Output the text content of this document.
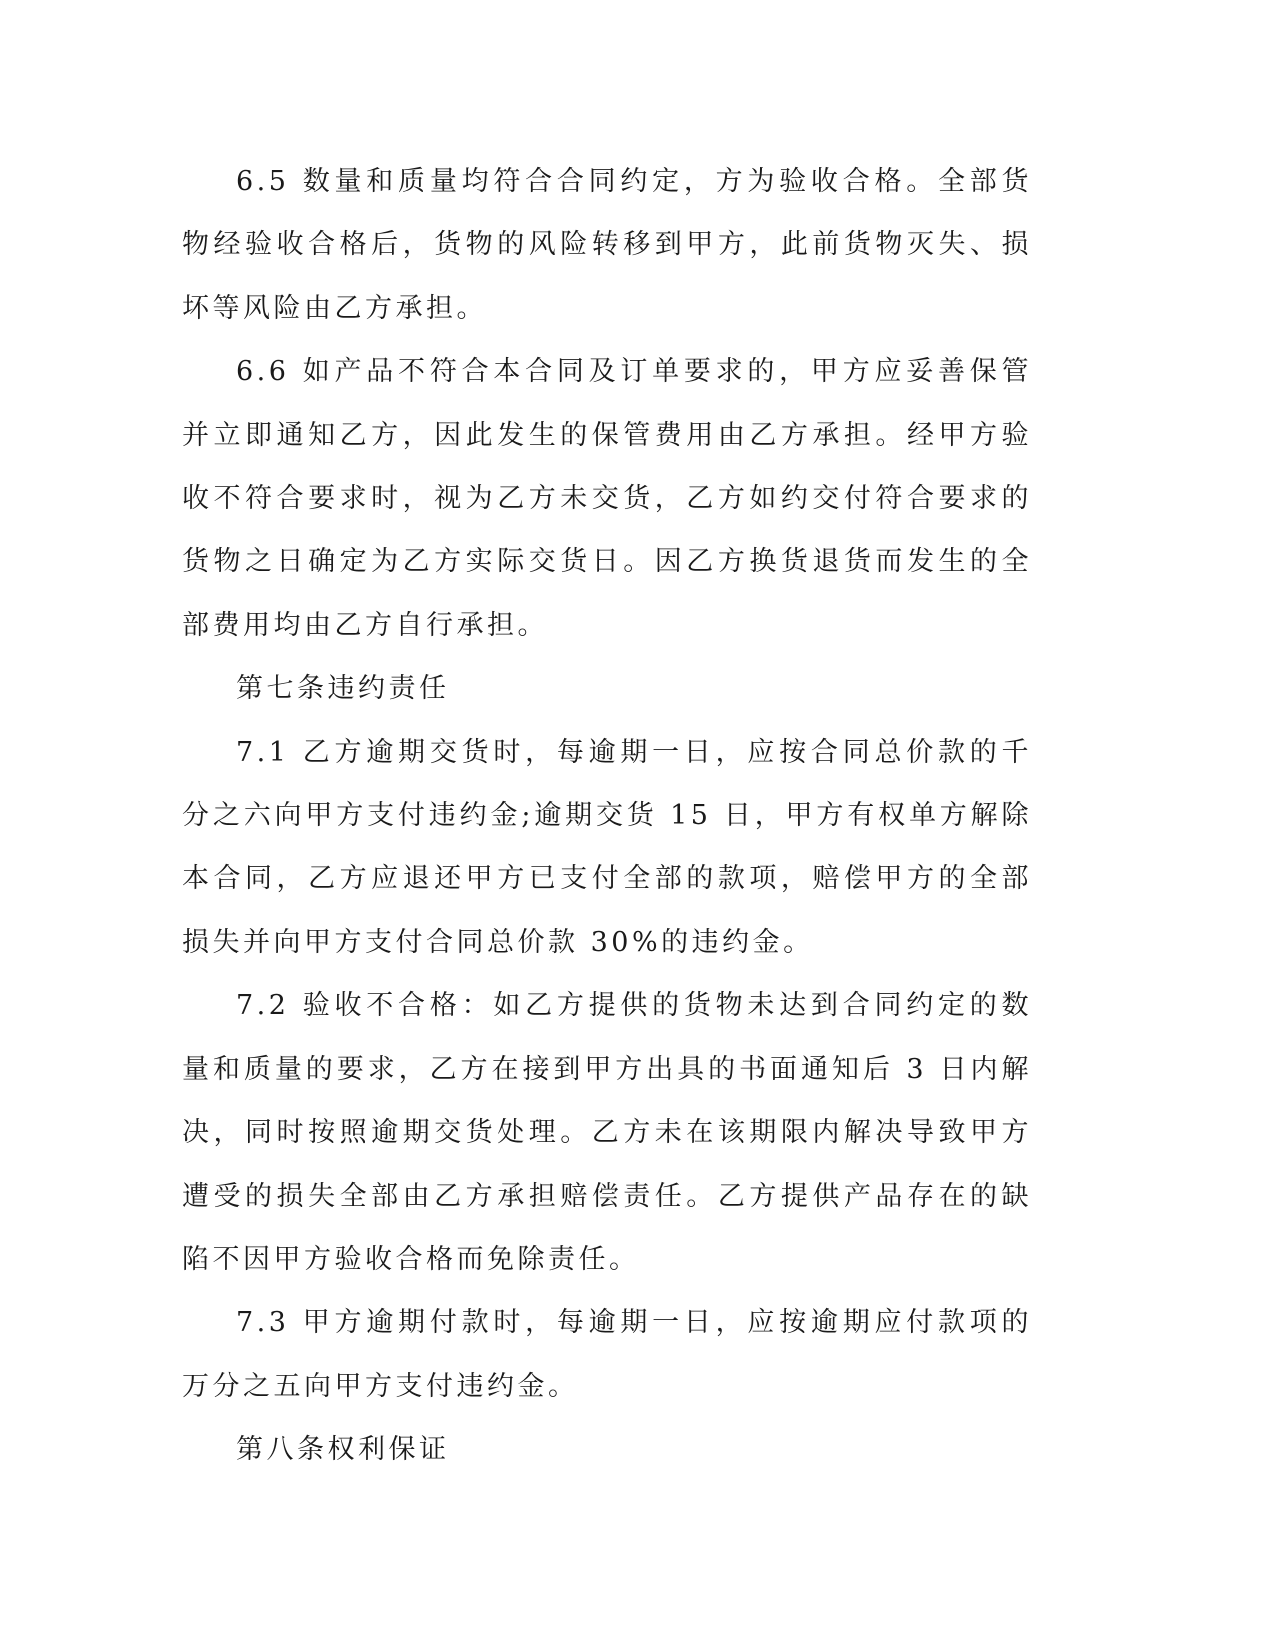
6.5 数量和质量均符合合同约定，方为验收合格。全部货物经验收合格后，货物的风险转移到甲方，此前货物灭失、损坏等风险由乙方承担。

6.6 如产品不符合本合同及订单要求的，甲方应妥善保管并立即通知乙方，因此发生的保管费用由乙方承担。经甲方验收不符合要求时，视为乙方未交货，乙方如约交付符合要求的货物之日确定为乙方实际交货日。因乙方换货退货而发生的全部费用均由乙方自行承担。

第七条违约责任

7.1 乙方逾期交货时，每逾期一日，应按合同总价款的千分之六向甲方支付违约金;逾期交货 15 日，甲方有权单方解除本合同，乙方应退还甲方已支付全部的款项，赔偿甲方的全部损失并向甲方支付合同总价款 30%的违约金。

7.2 验收不合格：如乙方提供的货物未达到合同约定的数量和质量的要求，乙方在接到甲方出具的书面通知后 3 日内解决，同时按照逾期交货处理。乙方未在该期限内解决导致甲方遭受的损失全部由乙方承担赔偿责任。乙方提供产品存在的缺陷不因甲方验收合格而免除责任。

7.3 甲方逾期付款时，每逾期一日，应按逾期应付款项的万分之五向甲方支付违约金。

第八条权利保证
